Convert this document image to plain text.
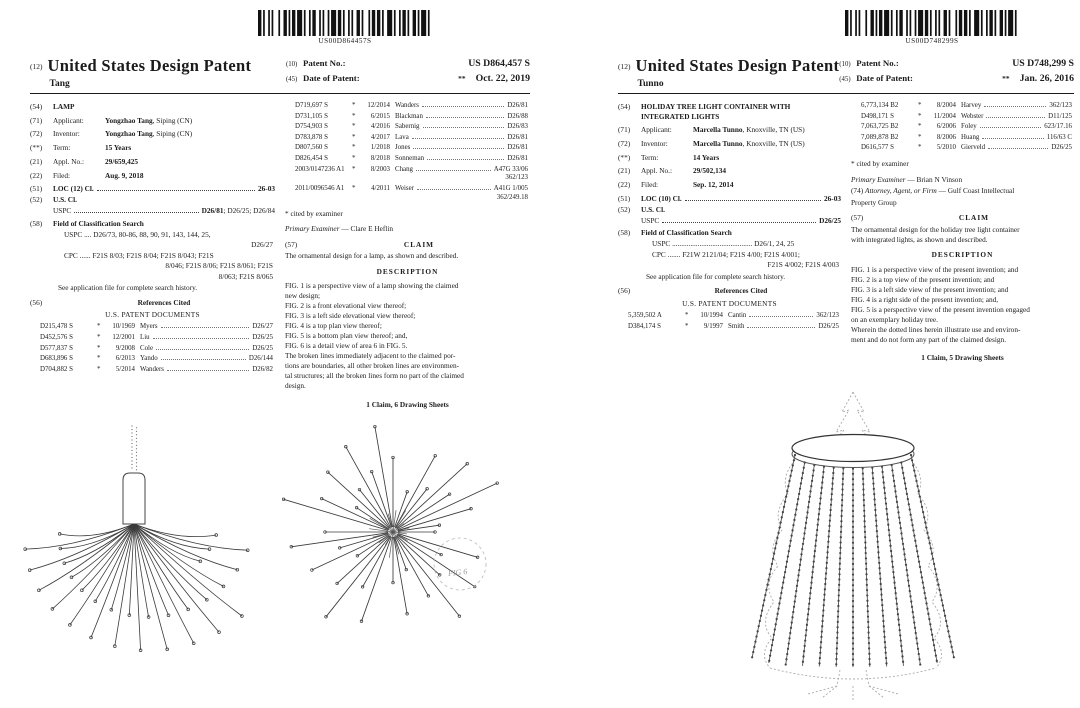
US00D864457S
(12) United States Design Patent
Tang
(10) Patent No.:	US D864,457 S
(45) Date of Patent:	** Oct. 22, 2019
(54)	LAMP
(71)	Applicant:	Yongzhao Tang, Siping (CN)
(72)	Inventor:	Yongzhao Tang, Siping (CN)
(**)	Term:	15 Years
(21)	Appl. No.:	29/659,425
(22)	Filed:	Aug. 9, 2018
(51)	LOC (12) Cl.	26-03
(52)	U.S. Cl.
USPC	D26/81; D26/25; D26/84
(58)	Field of Classification Search
USPC .... D26/73, 80-86, 88, 90, 91, 143, 144, 25,
D26/27
CPC ...... F21S 8/03; F21S 8/04; F21S 8/043; F21S
8/046; F21S 8/06; F21S 8/061; F21S
8/063; F21S 8/065
See application file for complete search history.
(56)	References Cited
U.S. PATENT DOCUMENTS
D215,478 S	*	10/1969 Myers	D26/27
D452,576 S	*	12/2001 Liu	D26/25
D577,837 S	*	9/2008 Cole	D26/25
D683,896 S	*	6/2013 Yando	D26/144
D704,882 S	*	5/2014 Wanders	D26/82
D719,697 S	*	12/2014 Wanders	D26/81
D731,105 S	*	6/2015 Blackman	D26/88
D754,903 S	*	4/2016 Sabernig	D26/83
D783,878 S	*	4/2017 Lava	D26/81
D807,560 S	*	1/2018 Jones	D26/81
D826,454 S	*	8/2018 Sonneman	D26/81
2003/0147236 A1	*	8/2003 Chang	A47G 33/06
362/123
2011/0096546 A1	*	4/2011 Weiser	A41G 1/005
362/249.18
* cited by examiner
Primary Examiner — Clare E Heflin
(57)	CLAIM
The ornamental design for a lamp, as shown and described.
DESCRIPTION
FIG. 1 is a perspective view of a lamp showing the claimed
new design;
FIG. 2 is a front elevational view thereof;
FIG. 3 is a left side elevational view thereof;
FIG. 4 is a top plan view thereof;
FIG. 5 is a bottom plan view thereof; and,
FIG. 6 is a detail view of area 6 in FIG. 5.
The broken lines immediately adjacent to the claimed por-
tions are boundaries, all other broken lines are environmen-
tal structures; all the broken lines form no part of the claimed
design.
1 Claim, 6 Drawing Sheets
FIG 6
US00D748299S
(12) United States Design Patent
Tunno
(10) Patent No.:	US D748,299 S
(45) Date of Patent:	** Jan. 26, 2016
(54)	HOLIDAY TREE LIGHT CONTAINER WITH
INTEGRATED LIGHTS
(71)	Applicant:	Marcella Tunno, Knoxville, TN (US)
(72)	Inventor:	Marcella Tunno, Knoxville, TN (US)
(**)	Term:	14 Years
(21)	Appl. No.:	29/502,134
(22)	Filed:	Sep. 12, 2014
(51)	LOC (10) Cl.	26-03
(52)	U.S. Cl.
USPC	D26/25
(58)	Field of Classification Search
USPC ............................................ D26/1, 24, 25
CPC ....... F21W 2121/04; F21S 4/00; F21S 4/001;
F21S 4/002; F21S 4/003
See application file for complete search history.
(56)	References Cited
U.S. PATENT DOCUMENTS
5,359,502 A	*	10/1994 Cantin	362/123
D384,174 S	*	9/1997 Smith	D26/25
6,773,134 B2	*	8/2004 Harvey	362/123
D498,171 S	*	11/2004 Webster	D11/125
7,063,725 B2	*	6/2006 Foley	623/17.16
7,089,878 B2	*	8/2006 Huang	116/63 C
D616,577 S	*	5/2010 Gierveld	D26/25
* cited by examiner
Primary Examiner — Brian N Vinson
(74) Attorney, Agent, or Firm — Gulf Coast Intellectual
Property Group
(57)	CLAIM
The ornamental design for the holiday tree light container
with integrated lights, as shown and described.
DESCRIPTION
FIG. 1 is a perspective view of the present invention; and
FIG. 2 is a top view of the present invention; and
FIG. 3 is a left side view of the present invention; and
FIG. 4 is a right side of the present invention; and,
FIG. 5 is a perspective view of the present invention engaged
on an exemplary holiday tree.
Wherein the dotted lines herein illustrate use and environ-
ment and do not form any part of the claimed design.
1 Claim, 5 Drawing Sheets
